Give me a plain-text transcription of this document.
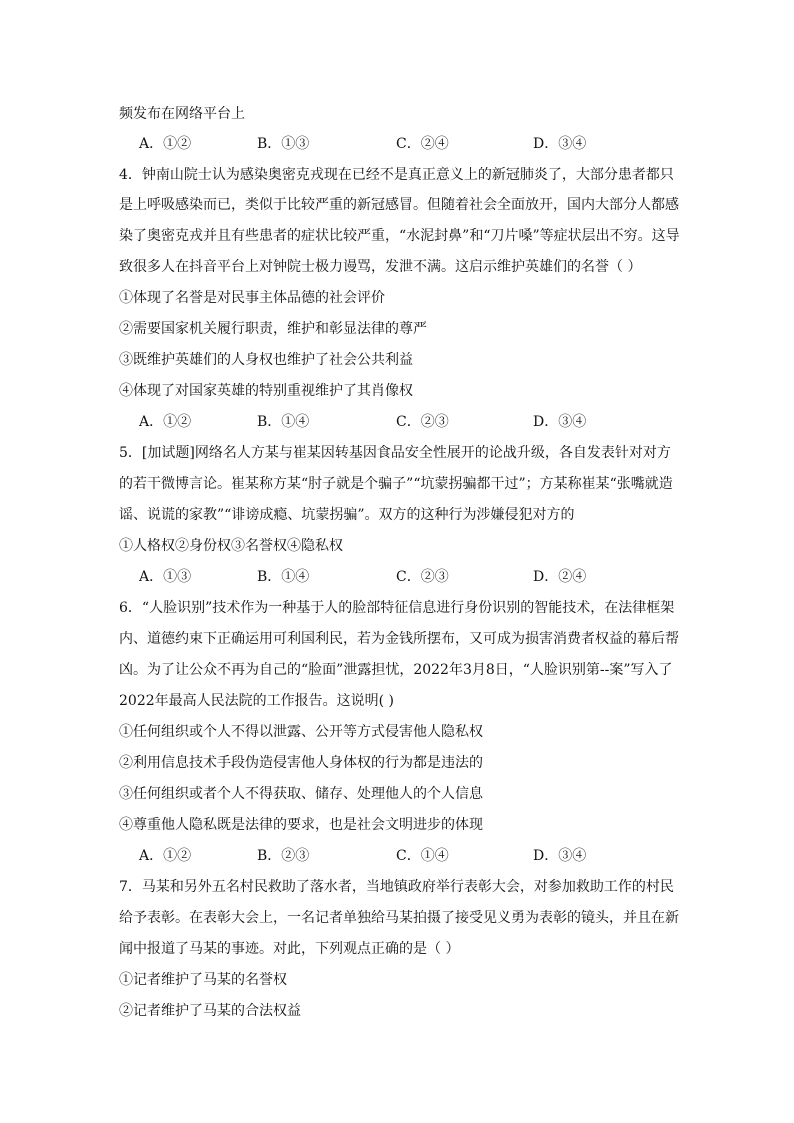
频发布在网络平台上
A．①②	B．①③	C．②④	D．③④
4．钟南山院士认为感染奥密克戎现在已经不是真正意义上的新冠肺炎了，大部分患者都只
是上呼吸感染而已，类似于比较严重的新冠感冒。但随着社会全面放开，国内大部分人都感
染了奥密克戎并且有些患者的症状比较严重，“水泥封鼻”和“刀片嗓”等症状层出不穷。这导
致很多人在抖音平台上对钟院士极力谩骂，发泄不满。这启示维护英雄们的名誉（ ）
①体现了名誉是对民事主体品德的社会评价
②需要国家机关履行职责，维护和彰显法律的尊严
③既维护英雄们的人身权也维护了社会公共利益
④体现了对国家英雄的特别重视维护了其肖像权
A．①②	B．①④	C．②③	D．③④
5．[加试题]网络名人方某与崔某因转基因食品安全性展开的论战升级，各自发表针对对方
的若干微博言论。崔某称方某“肘子就是个骗子”“坑蒙拐骗都干过”；方某称崔某“张嘴就造
谣、说谎的家教”“诽谤成瘾、坑蒙拐骗”。双方的这种行为涉嫌侵犯对方的
①人格权②身份权③名誉权④隐私权
A．①③	B．①④	C．②③	D．②④
6．“人脸识别”技术作为一种基于人的脸部特征信息进行身份识别的智能技术，在法律框架
内、道德约束下正确运用可利国利民，若为金钱所摆布，又可成为损害消费者权益的幕后帮
凶。为了让公众不再为自己的“脸面”泄露担忧，2022年3月8日，“人脸识别第--案”写入了
2022年最高人民法院的工作报告。这说明( )
①任何组织或个人不得以泄露、公开等方式侵害他人隐私权
②利用信息技术手段伪造侵害他人身体权的行为都是违法的
③任何组织或者个人不得获取、储存、处理他人的个人信息
④尊重他人隐私既是法律的要求，也是社会文明进步的体现
A．①②	B．②③	C．①④	D．③④
7．马某和另外五名村民救助了落水者，当地镇政府举行表彰大会，对参加救助工作的村民
给予表彰。在表彰大会上，一名记者单独给马某拍摄了接受见义勇为表彰的镜头，并且在新
闻中报道了马某的事迹。对此，下列观点正确的是（ ）
①记者维护了马某的名誉权
②记者维护了马某的合法权益
